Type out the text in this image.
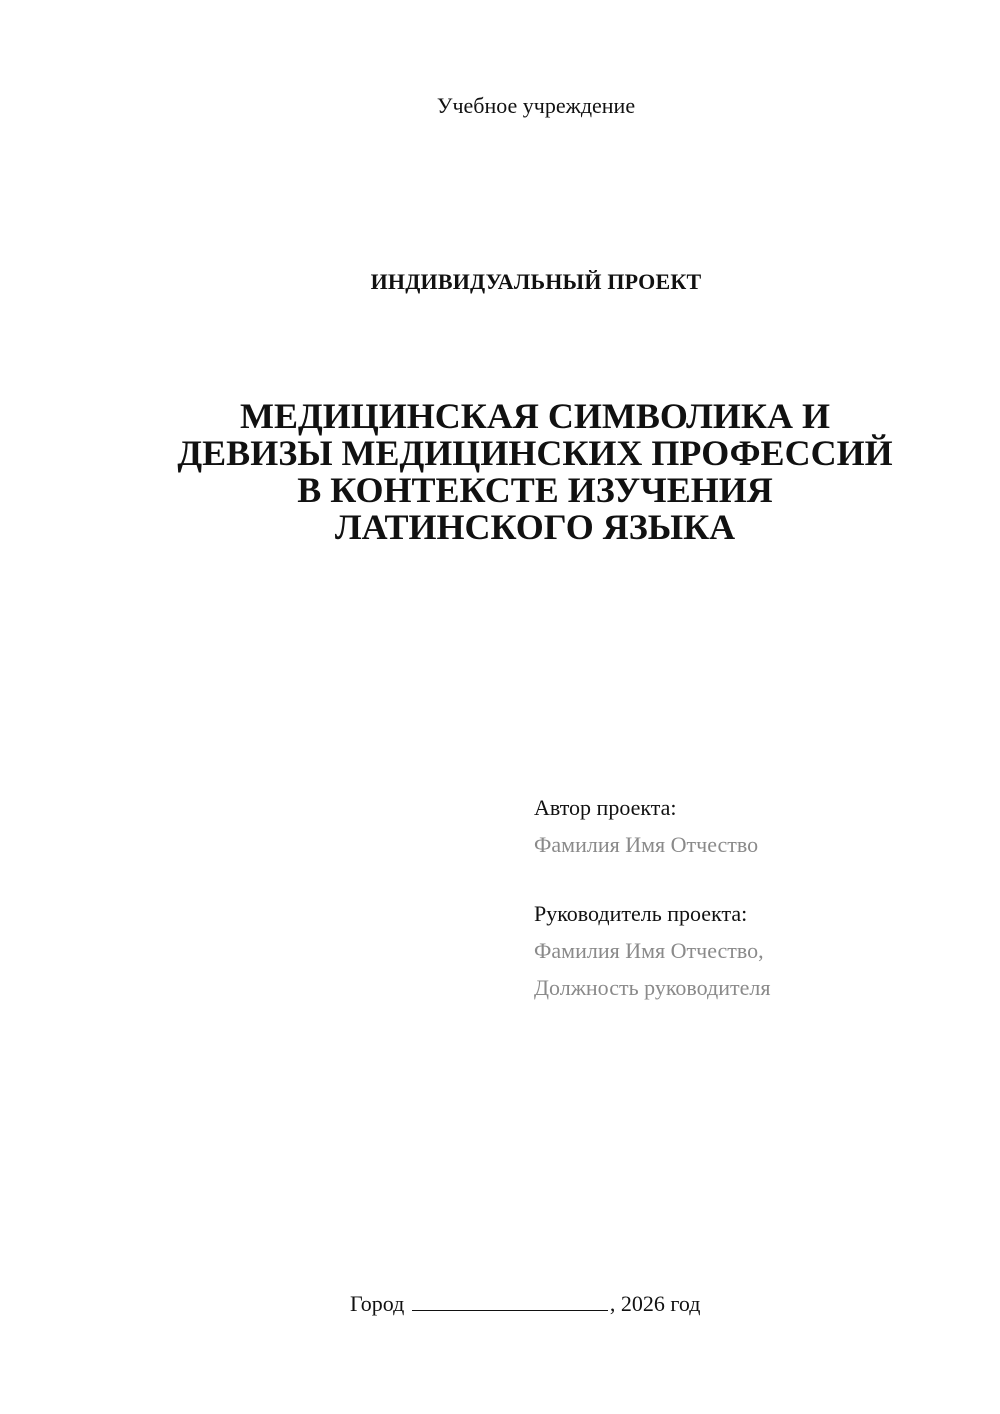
Учебное учреждение
ИНДИВИДУАЛЬНЫЙ ПРОЕКТ
МЕДИЦИНСКАЯ СИМВОЛИКА И
ДЕВИЗЫ МЕДИЦИНСКИХ ПРОФЕССИЙ
В КОНТЕКСТЕ ИЗУЧЕНИЯ
ЛАТИНСКОГО ЯЗЫКА
Автор проекта:
Фамилия Имя Отчество
Руководитель проекта:
Фамилия Имя Отчество,
Должность руководителя
Город	, 2026 год
